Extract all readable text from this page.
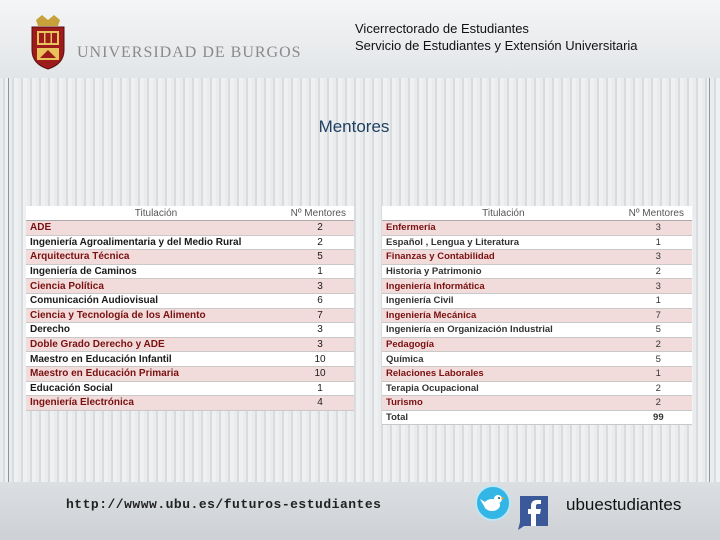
UNIVERSIDAD DE BURGOS
Vicerrectorado de Estudiantes
Servicio de Estudiantes y Extensión Universitaria
Mentores
Titulación	Nº Mentores
ADE	2
Ingeniería Agroalimentaria y del Medio Rural	2
Arquitectura Técnica	5
Ingeniería de Caminos	1
Ciencia Política	3
Comunicación Audiovisual	6
Ciencia y Tecnología de los Alimento	7
Derecho	3
Doble Grado Derecho y ADE	3
Maestro en Educación Infantil	10
Maestro en Educación Primaria	10
Educación Social	1
Ingeniería Electrónica	4
Titulación	Nº Mentores
Enfermería	3
Español , Lengua y Literatura	1
Finanzas y Contabilidad	3
Historia y Patrimonio	2
Ingeniería Informática	3
Ingeniería Civil	1
Ingeniería Mecánica	7
Ingeniería en Organización Industrial	5
Pedagogía	2
Química	5
Relaciones Laborales	1
Terapia Ocupacional	2
Turismo	2
Total	99
http://wwww.ubu.es/futuros-estudiantes	ubuestudiantes
